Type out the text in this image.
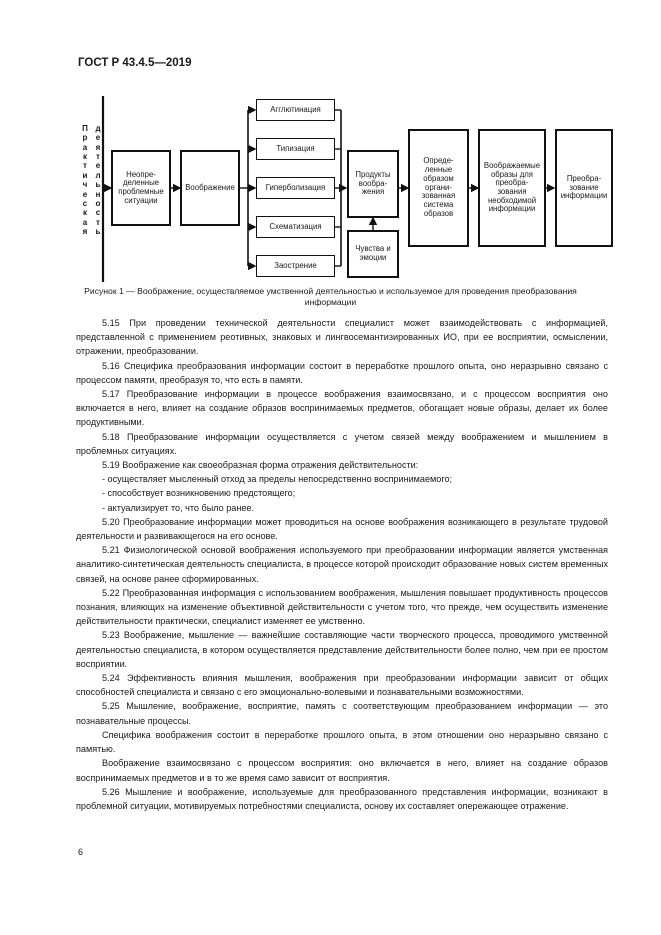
ГОСТ Р 43.4.5—2019
П
р
а
к
т
и
ч
е
с
к
а
я
д
е
я
т
е
л
ь
н
о
с
т
ь
Неопре- деленные проблемные ситуации
Воображение
Агглютинация
Типизация
Гиперболизация
Схематизация
Заострение
Продукты вообра- жения
Чувства и эмоции
Опреде- ленные образом органи- зованная система образов
Воображаемые образы для преобра- зования необходимой информации
Преобра- зование информации
Рисунок 1 — Воображение, осуществляемое умственной деятельностью и используемое для проведения преобразования информации

5.15 При проведении технической деятельности специалист может взаимодействовать с информацией, представленной с применением реотивных, знаковых и лингвосемантизированных ИО, при ее восприятии, осмыслении, отражении, преобразовании.

5.16 Специфика преобразования информации состоит в переработке прошлого опыта, оно неразрывно связано с процессом памяти, преобразуя то, что есть в памяти.

5.17 Преобразование информации в процессе воображения взаимосвязано, и с процессом восприятия оно включается в него, влияет на создание образов воспринимаемых предметов, обогащает новые образы, делает их более продуктивными.

5.18 Преобразование информации осуществляется с учетом связей между воображением и мышлением в проблемных ситуациях.

5.19 Воображение как своеобразная форма отражения действительности:

- осуществляет мысленный отход за пределы непосредственно воспринимаемого;

- способствует возникновению предстоящего;

- актуализирует то, что было ранее.

5.20 Преобразование информации может проводиться на основе воображения возникающего в результате трудовой деятельности и развивающегося на его основе.

5.21 Физиологической основой воображения используемого при преобразовании информации является умственная аналитико-синтетическая деятельность специалиста, в процессе которой происходит образование новых систем временных связей, на основе ранее сформированных.

5.22 Преобразованная информация с использованием воображения, мышления повышает продуктивность процессов познания, влияющих на изменение объективной действительности с учетом того, что прежде, чем осуществить изменение действительности практически, специалист изменяет ее умственно.

5.23 Воображение, мышление — важнейшие составляющие части творческого процесса, проводимого умственной деятельностью специалиста, в котором осуществляется представление действительности более полно, чем при ее простом восприятии.

5.24 Эффективность влияния мышления, воображения при преобразовании информации зависит от общих способностей специалиста и связано с его эмоционально-волевыми и познавательными возможностями.

5.25 Мышление, воображение, восприятие, память с соответствующим преобразованием информации — это познавательные процессы.

Специфика воображения состоит в переработке прошлого опыта, в этом отношении оно неразрывно связано с памятью.

Воображение взаимосвязано с процессом восприятия: оно включается в него, влияет на создание образов воспринимаемых предметов и в то же время само зависит от восприятия.

5.26 Мышление и воображение, используемые для преобразованного представления информации, возникают в проблемной ситуации, мотивируемых потребностями специалиста, основу их составляет опережающее отражение.

6
